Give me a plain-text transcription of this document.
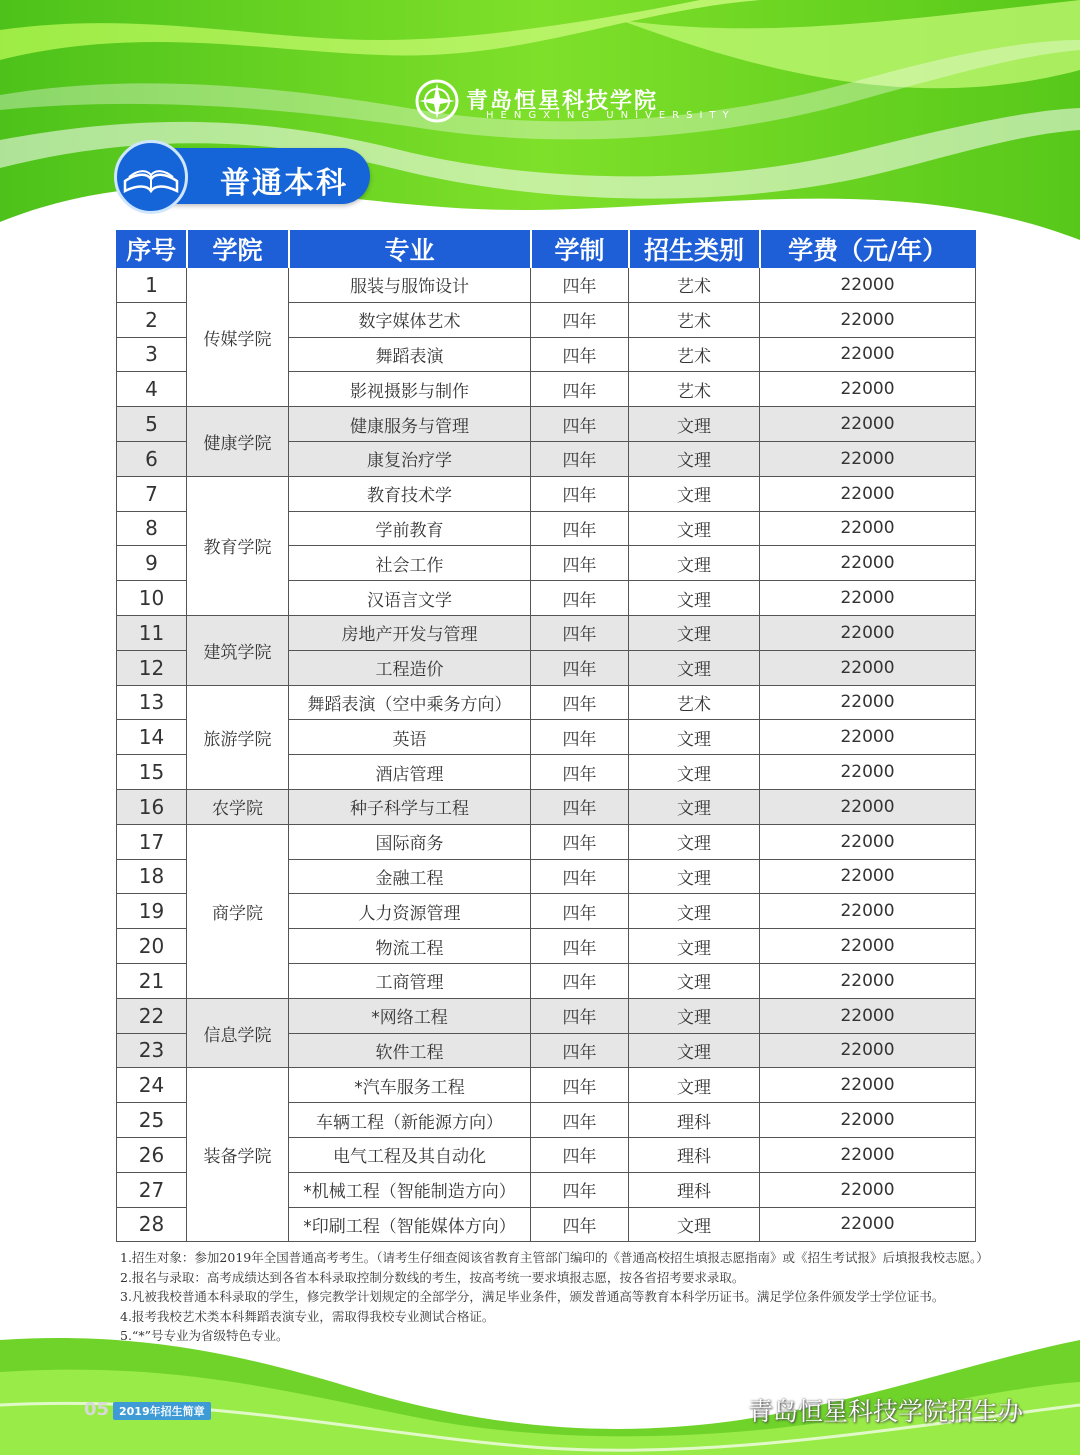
青岛恒星科技学院
HENGXING UNIVERSITY
普通本科
序号	学院	专业	学制	招生类别	学费（元/年）
1	传媒学院	服装与服饰设计	四年	艺术	22000
2		数字媒体艺术	四年	艺术	22000
3		舞蹈表演	四年	艺术	22000
4		影视摄影与制作	四年	艺术	22000
5	健康学院	健康服务与管理	四年	文理	22000
6		康复治疗学	四年	文理	22000
7	教育学院	教育技术学	四年	文理	22000
8		学前教育	四年	文理	22000
9		社会工作	四年	文理	22000
10		汉语言文学	四年	文理	22000
11	建筑学院	房地产开发与管理	四年	文理	22000
12		工程造价	四年	文理	22000
13	旅游学院	舞蹈表演（空中乘务方向）	四年	艺术	22000
14		英语	四年	文理	22000
15		酒店管理	四年	文理	22000
16	农学院	种子科学与工程	四年	文理	22000
17	商学院	国际商务	四年	文理	22000
18		金融工程	四年	文理	22000
19		人力资源管理	四年	文理	22000
20		物流工程	四年	文理	22000
21		工商管理	四年	文理	22000
22	信息学院	*网络工程	四年	文理	22000
23		软件工程	四年	文理	22000
24	装备学院	*汽车服务工程	四年	文理	22000
25		车辆工程（新能源方向）	四年	理科	22000
26		电气工程及其自动化	四年	理科	22000
27		*机械工程（智能制造方向）	四年	理科	22000
28		*印刷工程（智能媒体方向）	四年	文理	22000

1.招生对象：参加2019年全国普通高考考生。（请考生仔细查阅该省教育主管部门编印的《普通高校招生填报志愿指南》或《招生考试报》后填报我校志愿。）

2.报名与录取：高考成绩达到各省本科录取控制分数线的考生，按高考统一要求填报志愿，按各省招考要求录取。

3.凡被我校普通本科录取的学生，修完教学计划规定的全部学分，满足毕业条件，颁发普通高等教育本科学历证书。满足学位条件颁发学士学位证书。

4.报考我校艺术类本科舞蹈表演专业，需取得我校专业测试合格证。

5.“*”号专业为省级特色专业。

05 2019年招生简章	青岛恒星科技学院招生办
